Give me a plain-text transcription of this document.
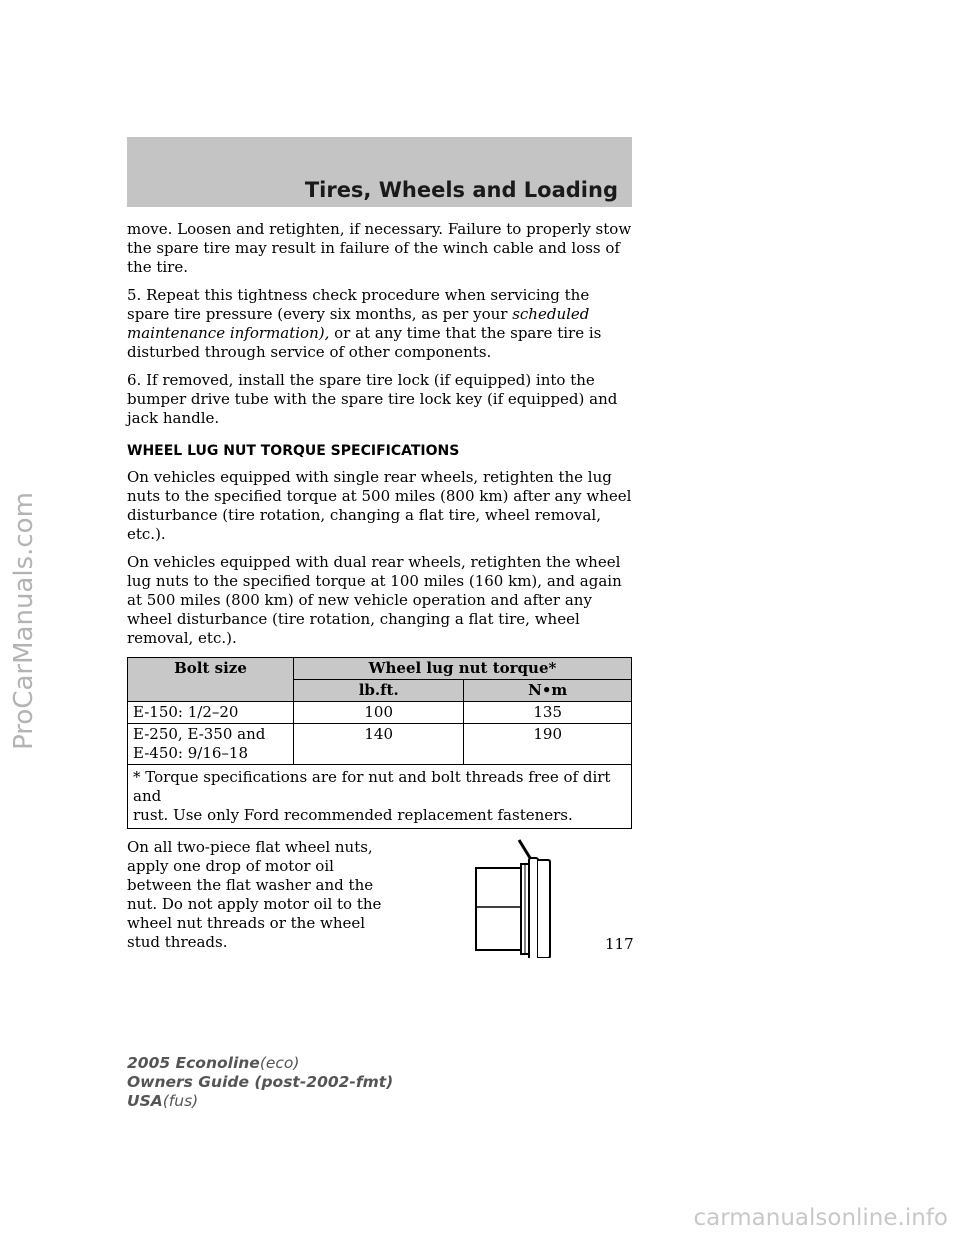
Tires, Wheels and Loading

move. Loosen and retighten, if necessary. Failure to properly stow the spare tire may result in failure of the winch cable and loss of the tire.

5. Repeat this tightness check procedure when servicing the spare tire pressure (every six months, as per your scheduled maintenance information), or at any time that the spare tire is disturbed through service of other components.

6. If removed, install the spare tire lock (if equipped) into the bumper drive tube with the spare tire lock key (if equipped) and jack handle.

WHEEL LUG NUT TORQUE SPECIFICATIONS

On vehicles equipped with single rear wheels, retighten the lug nuts to the specified torque at 500 miles (800 km) after any wheel disturbance (tire rotation, changing a flat tire, wheel removal, etc.).

On vehicles equipped with dual rear wheels, retighten the wheel lug nuts to the specified torque at 100 miles (160 km), and again at 500 miles (800 km) of new vehicle operation and after any wheel disturbance (tire rotation, changing a flat tire, wheel removal, etc.).

Bolt size	Wheel lug nut torque*	
	lb.ft.	N•m
E-150: 1/2–20	100	135
E-250, E-350 and
E-450: 9/16–18	140	190
* Torque specifications are for nut and bolt threads free of dirt and
rust. Use only Ford recommended replacement fasteners.		

On all two-piece flat wheel nuts, apply one drop of motor oil between the flat washer and the nut. Do not apply motor oil to the wheel nut threads or the wheel stud threads.	117
2005 Econoline(eco)
Owners Guide (post-2002-fmt)
USA(fus)
ProCarManuals.com
carmanualsonline.info
